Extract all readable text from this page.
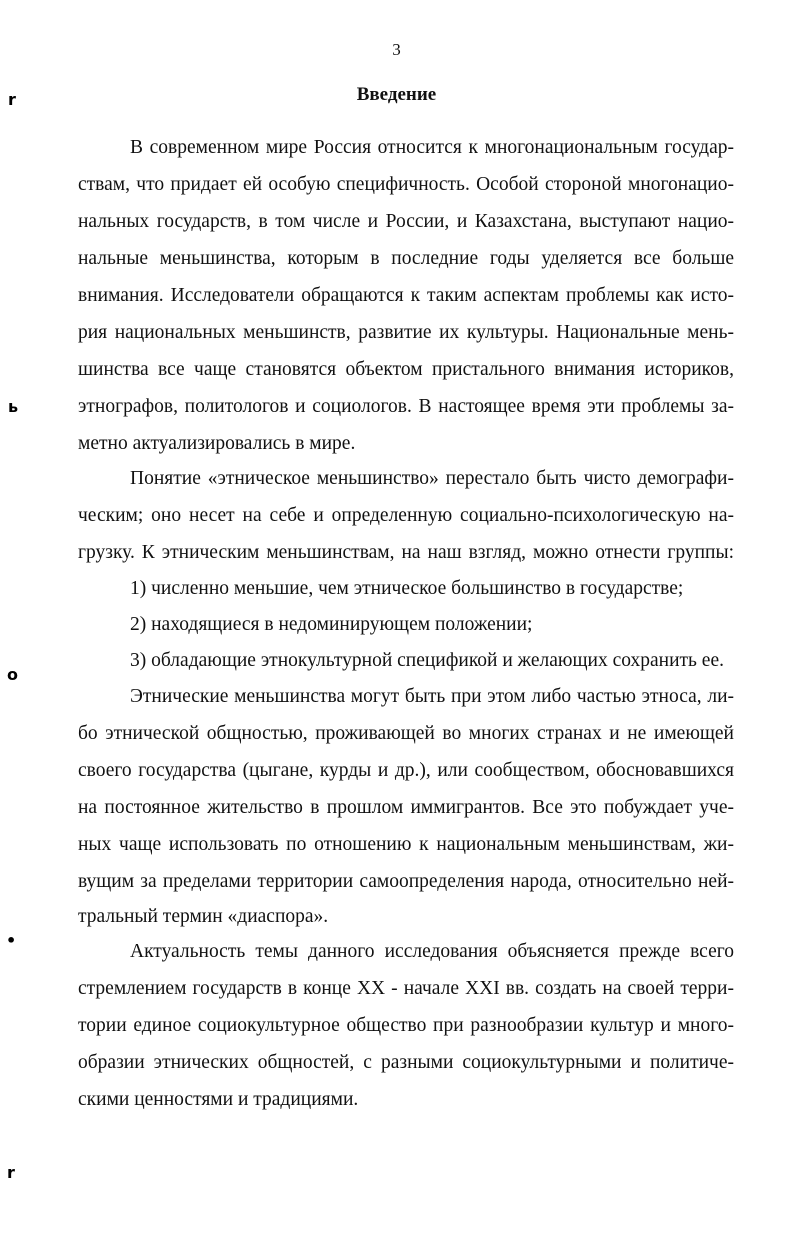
3
Введение
В современном мире Россия относится к многонациональным государ-
ствам, что придает ей особую специфичность. Особой стороной многонацио-
нальных государств, в том числе и России, и Казахстана, выступают нацио-
нальные меньшинства, которым в последние годы уделяется все больше
внимания. Исследователи обращаются к таким аспектам проблемы как исто-
рия национальных меньшинств, развитие их культуры. Национальные мень-
шинства все чаще становятся объектом пристального внимания историков,
этнографов, политологов и социологов. В настоящее время эти проблемы за-
метно актуализировались в мире.
Понятие «этническое меньшинство» перестало быть чисто демографи-
ческим; оно несет на себе и определенную социально-психологическую на-
грузку. К этническим меньшинствам, на наш взгляд, можно отнести группы:
1) численно меньшие, чем этническое большинство в государстве;
2) находящиеся в недоминирующем положении;
3) обладающие этнокультурной спецификой и желающих сохранить ее.
Этнические меньшинства могут быть при этом либо частью этноса, ли-
бо этнической общностью, проживающей во многих странах и не имеющей
своего государства (цыгане, курды и др.), или сообществом, обосновавшихся
на постоянное жительство в прошлом иммигрантов. Все это побуждает уче-
ных чаще использовать по отношению к национальным меньшинствам, жи-
вущим за пределами территории самоопределения народа, относительно ней-
тральный термин «диаспора».
Актуальность темы данного исследования объясняется прежде всего
стремлением государств в конце XX - начале XXI вв. создать на своей терри-
тории единое социокультурное общество при разнообразии культур и много-
образии этнических общностей, с разными социокультурными и политиче-
скими ценностями и традициями.
r
ь
o
•
r
